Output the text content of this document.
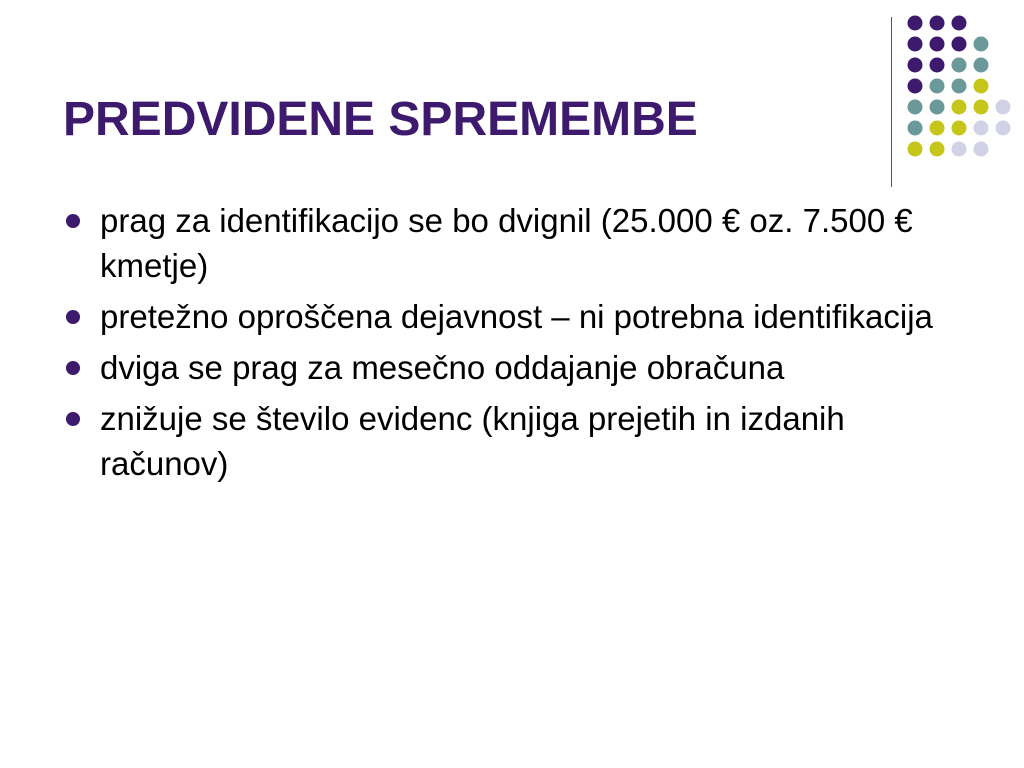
PREDVIDENE SPREMEMBE
prag za identifikacijo se bo dvignil (25.000 € oz. 7.500 € kmetje)
pretežno oproščena dejavnost – ni potrebna identifikacija
dviga se prag za mesečno oddajanje obračuna
znižuje se število evidenc (knjiga prejetih in izdanih računov)
